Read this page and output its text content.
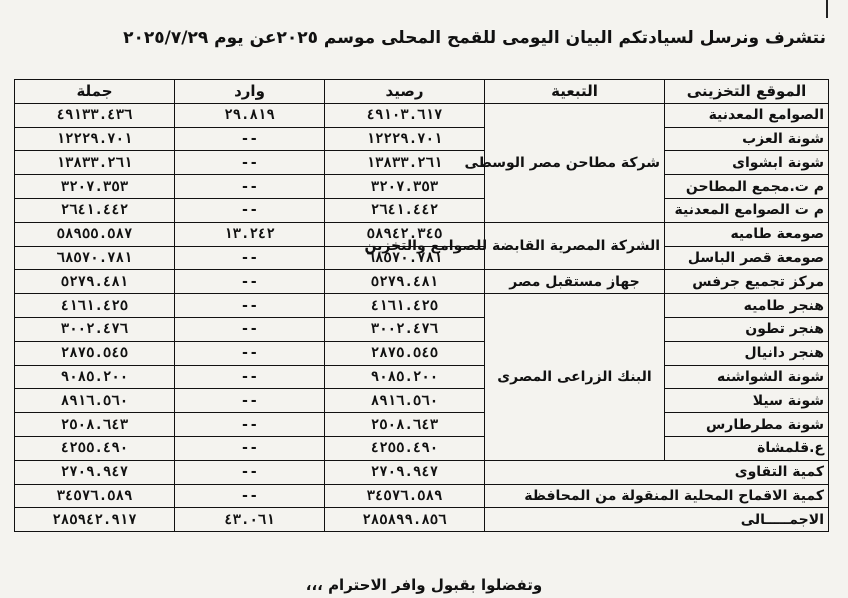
نتشرف ونرسل لسيادتكم البيان اليومى للقمح المحلى موسم ٢٠٢٥عن يوم ٢٠٢٥/٧/٢٩
الموقع التخزينى	التبعية	رصيد	وارد	جملة
الصوامع المعدنية	شركة مطاحن مصر الوسطى	٤٩١٠٣.٦١٧	٢٩.٨١٩	٤٩١٣٣.٤٣٦
شونة العزب		١٢٢٢٩.٧٠١	--	١٢٢٢٩.٧٠١
شونة ابشواى		١٣٨٣٣.٢٦١	--	١٣٨٣٣.٢٦١
م ت.مجمع المطاحن		٣٢٠٧.٣٥٣	--	٣٢٠٧.٣٥٣
م ت الصوامع المعدنية		٢٦٤١.٤٤٢	--	٢٦٤١.٤٤٢
صومعة طاميه	الشركة المصرية القابضة للصوامع والتخزين	٥٨٩٤٢.٣٤٥	١٣.٢٤٢	٥٨٩٥٥.٥٨٧
صومعة قصر الباسل		٦٨٥٧٠.٧٨١	--	٦٨٥٧٠.٧٨١
مركز تجميع جرفس	جهاز مستقبل مصر	٥٢٧٩.٤٨١	--	٥٢٧٩.٤٨١
هنجر طاميه	البنك الزراعى المصرى	٤١٦١.٤٢٥	--	٤١٦١.٤٢٥
هنجر تطون		٣٠٠٢.٤٧٦	--	٣٠٠٢.٤٧٦
هنجر دانيال		٢٨٧٥.٥٤٥	--	٢٨٧٥.٥٤٥
شونة الشواشنه		٩٠٨٥.٢٠٠	--	٩٠٨٥.٢٠٠
شونة سيلا		٨٩١٦.٥٦٠	--	٨٩١٦.٥٦٠
شونة مطرطارس		٢٥٠٨.٦٤٣	--	٢٥٠٨.٦٤٣
ع.قلمشاة		٤٢٥٥.٤٩٠	--	٤٢٥٥.٤٩٠
كمية التقاوى		٢٧٠٩.٩٤٧	--	٢٧٠٩.٩٤٧
كمية الاقماح المحلية المنقولة من المحافظة		٣٤٥٧٦.٥٨٩	--	٣٤٥٧٦.٥٨٩
الاجمـــــالى		٢٨٥٨٩٩.٨٥٦	٤٣.٠٦١	٢٨٥٩٤٢.٩١٧
وتفضلوا بقبول وافر الاحترام ،،،
